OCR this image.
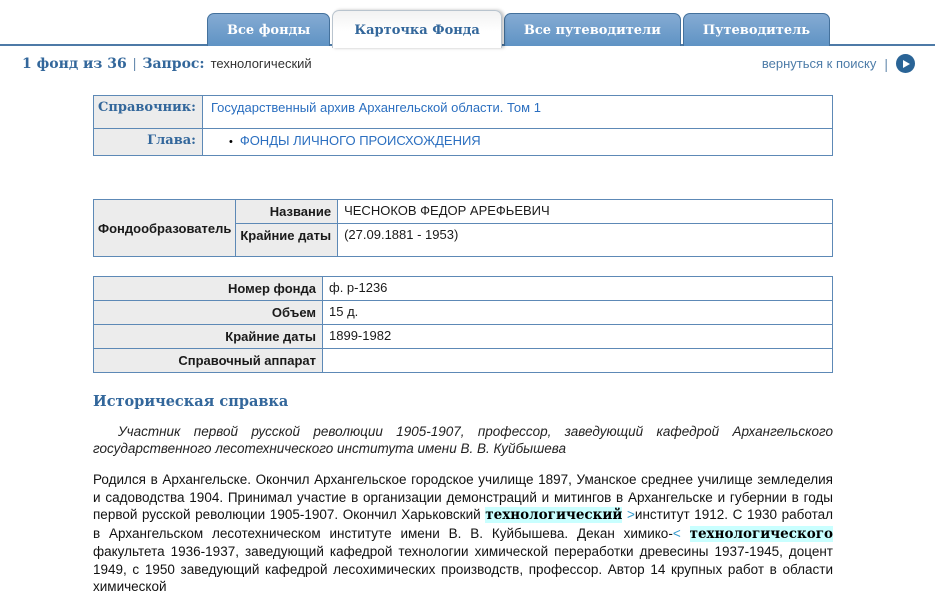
Все фонды	Карточка Фонда	Все путеводители	Путеводитель
1 фонд из 36 | Запрос: технологический	вернуться к поиску |
Справочник:	Государственный архив Архангельской области. Том 1
Глава:	• ФОНДЫ ЛИЧНОГО ПРОИСХОЖДЕНИЯ
Фондообразователь	Название	ЧЕСНОКОВ ФЕДОР АРЕФЬЕВИЧ
	Крайние даты	(27.09.1881 - 1953)
Номер фонда	ф. р-1236
Объем	15 д.
Крайние даты	1899-1982
Справочный аппарат	
Историческая справка
Участник первой русской революции 1905-1907, профессор, заведующий кафедрой Архангельского государственного лесотехнического института имени В. В. Куйбышева
Родился в Архангельске. Окончил Архангельское городское училище 1897, Уманское среднее училище земледелия и садоводства 1904. Принимал участие в организации демонстраций и митингов в Архангельске и губернии в годы первой русской революции 1905-1907. Окончил Харьковский технологический >институт 1912. С 1930 работал в Архангельском лесотехническом институте имени В. В. Куйбышева. Декан химико-< технологического факультета 1936-1937, заведующий кафедрой технологии химической переработки древесины 1937-1945, доцент 1949, с 1950 заведующий кафедрой лесохимических производств, профессор. Автор 14 крупных работ в области химической
